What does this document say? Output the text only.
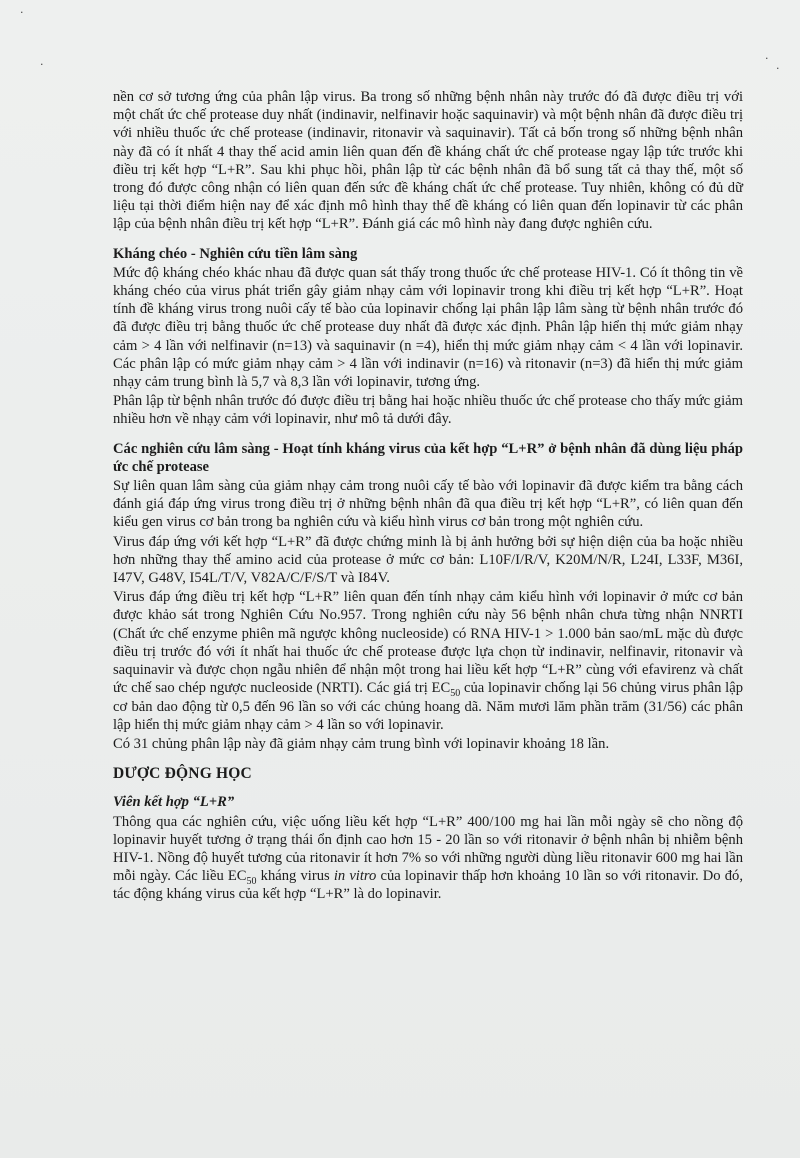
·
·	·
·

nền cơ sở tương ứng của phân lập virus. Ba trong số những bệnh nhân này trước đó đã được điều trị với một chất ức chế protease duy nhất (indinavir, nelfinavir hoặc saquinavir) và một bệnh nhân đã được điều trị với nhiều thuốc ức chế protease (indinavir, ritonavir và saquinavir). Tất cả bốn trong số những bệnh nhân này đã có ít nhất 4 thay thế acid amin liên quan đến đề kháng chất ức chế protease ngay lập tức trước khi điều trị kết hợp “L+R”. Sau khi phục hồi, phân lập từ các bệnh nhân đã bổ sung tất cả thay thế, một số trong đó được công nhận có liên quan đến sức đề kháng chất ức chế protease. Tuy nhiên, không có đủ dữ liệu tại thời điểm hiện nay để xác định mô hình thay thế đề kháng có liên quan đến lopinavir từ các phân lập của bệnh nhân điều trị kết hợp “L+R”. Đánh giá các mô hình này đang được nghiên cứu.

Kháng chéo - Nghiên cứu tiền lâm sàng

Mức độ kháng chéo khác nhau đã được quan sát thấy trong thuốc ức chế protease HIV-1. Có ít thông tin về kháng chéo của virus phát triển gây giảm nhạy cảm với lopinavir trong khi điều trị kết hợp “L+R”. Hoạt tính đề kháng virus trong nuôi cấy tế bào của lopinavir chống lại phân lập lâm sàng từ bệnh nhân trước đó đã được điều trị bằng thuốc ức chế protease duy nhất đã được xác định. Phân lập hiển thị mức giảm nhạy cảm > 4 lần với nelfinavir (n=13) và saquinavir (n =4), hiển thị mức giảm nhạy cảm < 4 lần với lopinavir. Các phân lập có mức giảm nhạy cảm > 4 lần với indinavir (n=16) và ritonavir (n=3) đã hiển thị mức giảm nhạy cảm trung bình là 5,7 và 8,3 lần với lopinavir, tương ứng.

Phân lập từ bệnh nhân trước đó được điều trị bằng hai hoặc nhiều thuốc ức chế protease cho thấy mức giảm nhiều hơn về nhạy cảm với lopinavir, như mô tả dưới đây.

Các nghiên cứu lâm sàng - Hoạt tính kháng virus của kết hợp “L+R” ở bệnh nhân đã dùng liệu pháp ức chế protease

Sự liên quan lâm sàng của giảm nhạy cảm trong nuôi cấy tế bào với lopinavir đã được kiểm tra bằng cách đánh giá đáp ứng virus trong điều trị ở những bệnh nhân đã qua điều trị kết hợp “L+R”, có liên quan đến kiểu gen virus cơ bản trong ba nghiên cứu và kiểu hình virus cơ bản trong một nghiên cứu.

Virus đáp ứng với kết hợp “L+R” đã được chứng minh là bị ảnh hưởng bởi sự hiện diện của ba hoặc nhiều hơn những thay thế amino acid của protease ở mức cơ bản: L10F/I/R/V, K20M/N/R, L24I, L33F, M36I, I47V, G48V, I54L/T/V, V82A/C/F/S/T và I84V.

Virus đáp ứng điều trị kết hợp “L+R” liên quan đến tính nhạy cảm kiểu hình với lopinavir ở mức cơ bản được khảo sát trong Nghiên Cứu No.957. Trong nghiên cứu này 56 bệnh nhân chưa từng nhận NNRTI (Chất ức chế enzyme phiên mã ngược không nucleoside) có RNA HIV-1 > 1.000 bản sao/mL mặc dù được điều trị trước đó với ít nhất hai thuốc ức chế protease được lựa chọn từ indinavir, nelfinavir, ritonavir và saquinavir và được chọn ngẫu nhiên để nhận một trong hai liều kết hợp “L+R” cùng với efavirenz và chất ức chế sao chép ngược nucleoside (NRTI). Các giá trị $EC_{50}$ của lopinavir chống lại 56 chủng virus phân lập cơ bản dao động từ 0,5 đến 96 lần so với các chủng hoang dã. Năm mươi lăm phần trăm (31/56) các phân lập hiển thị mức giảm nhạy cảm > 4 lần so với lopinavir.

Có 31 chủng phân lập này đã giảm nhạy cảm trung bình với lopinavir khoảng 18 lần.

DƯỢC ĐỘNG HỌC

Viên kết hợp “L+R”

Thông qua các nghiên cứu, việc uống liều kết hợp “L+R” 400/100 mg hai lần mỗi ngày sẽ cho nồng độ lopinavir huyết tương ở trạng thái ổn định cao hơn 15 - 20 lần so với ritonavir ở bệnh nhân bị nhiễm bệnh HIV-1. Nồng độ huyết tương của ritonavir ít hơn 7% so với những người dùng liều ritonavir 600 mg hai lần mỗi ngày. Các liều $EC_{50}$ kháng virus in vitro của lopinavir thấp hơn khoảng 10 lần so với ritonavir. Do đó, tác động kháng virus của kết hợp “L+R” là do lopinavir.
